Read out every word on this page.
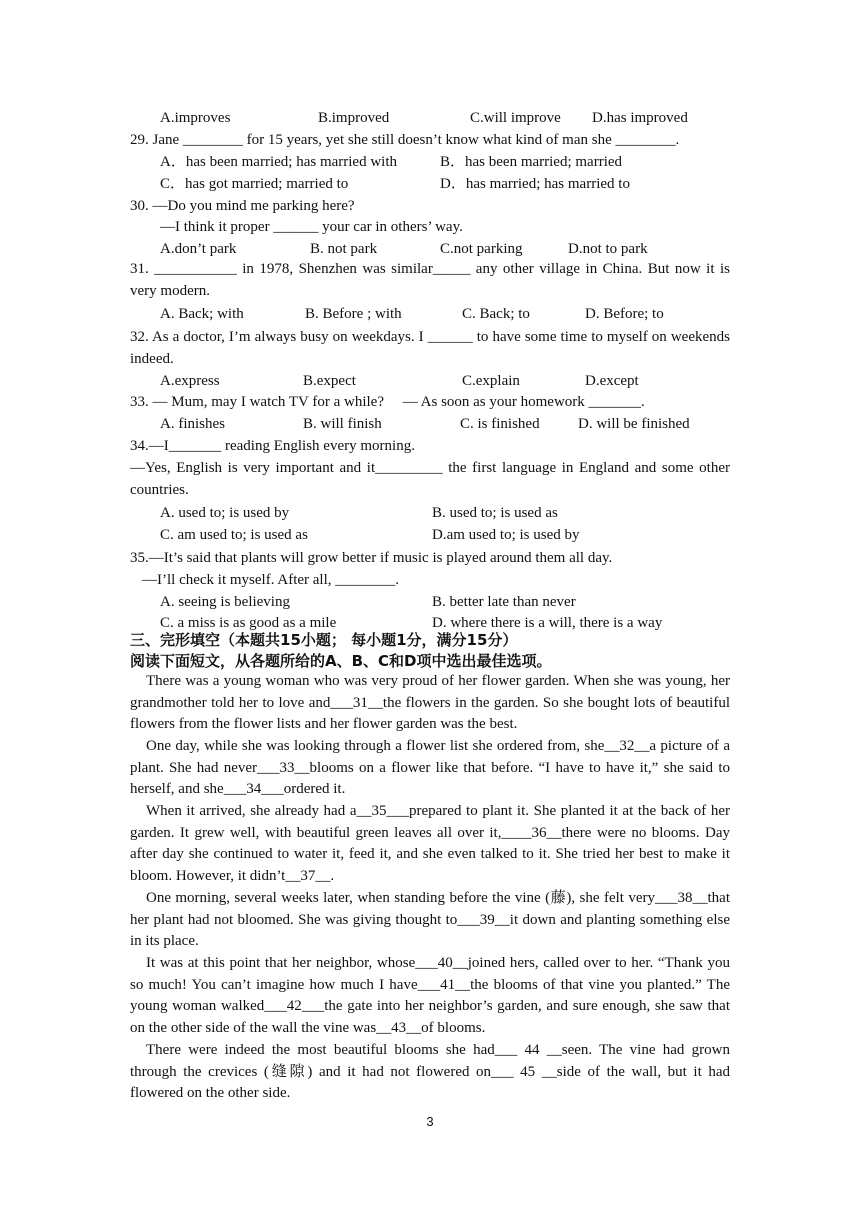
A.improves	B.improved	C.will improve D.has improved
29. Jane ________ for 15 years, yet she still doesn’t know what kind of man she ________.
A．has been married; has married with	B．has been married; married
C．has got married; married to	D．has married; has married to
30. —Do you mind me parking here?
—I think it proper ______ your car in others’ way.
A.don’t park	B. not park	C.not parking	D.not to park
31. ___________ in 1978, Shenzhen was similar_____ any other village in China. But now it is very modern.
A. Back; with	B. Before ; with	C. Back; to	D. Before; to
32. As a doctor, I’m always busy on weekdays. I ______ to have some time to myself on weekends indeed.
A.express	B.expect	C.explain	D.except
33. — Mum, may I watch TV for a while?     — As soon as your homework _______.
A. finishes	B. will finish	C. is finished	D. will be finished
34.—I_______ reading English every morning.
—Yes, English is very important and it_________ the first language in England and some other countries.
A. used to; is used by	B. used to; is used as
C. am used to; is used as	D.am used to; is used by
35.—It’s said that plants will grow better if music is played around them all day.
—I’ll check it myself. After all, ________.
A. seeing is believing	B. better late than never
C. a miss is as good as a mile	D. where there is a will, there is a way
三、完形填空（本题共15小题； 每小题1分，满分15分）
阅读下面短文，从各题所给的A、B、C和D项中选出最佳选项。
There was a young woman who was very proud of her flower garden. When she was young, her grandmother told her to love and___31__the flowers in the garden. So she bought lots of beautiful flowers from the flower lists and her flower garden was the best.
One day, while she was looking through a flower list she ordered from, she__32__a picture of a plant. She had never___33__blooms on a flower like that before. “I have to have it,” she said to herself, and she___34___ordered it.
When it arrived, she already had a__35___prepared to plant it. She planted it at the back of her garden. It grew well, with beautiful green leaves all over it,____36__there were no blooms. Day after day she continued to water it, feed it, and she even talked to it. She tried her best to make it bloom. However, it didn’t__37__.
One morning, several weeks later, when standing before the vine (藤), she felt very___38__that her plant had not bloomed. She was giving thought to___39__it down and planting something else in its place.
It was at this point that her neighbor, whose___40__joined hers, called over to her. “Thank you so much! You can’t imagine how much I have___41__the blooms of that vine you planted.” The young woman walked___42___the gate into her neighbor’s garden, and sure enough, she saw that on the other side of the wall the vine was__43__of blooms.
There were indeed the most beautiful blooms she had___ 44 __seen. The vine had grown through the crevices (缝隙) and it had not flowered on___ 45 __side of the wall, but it had flowered on the other side.
3
